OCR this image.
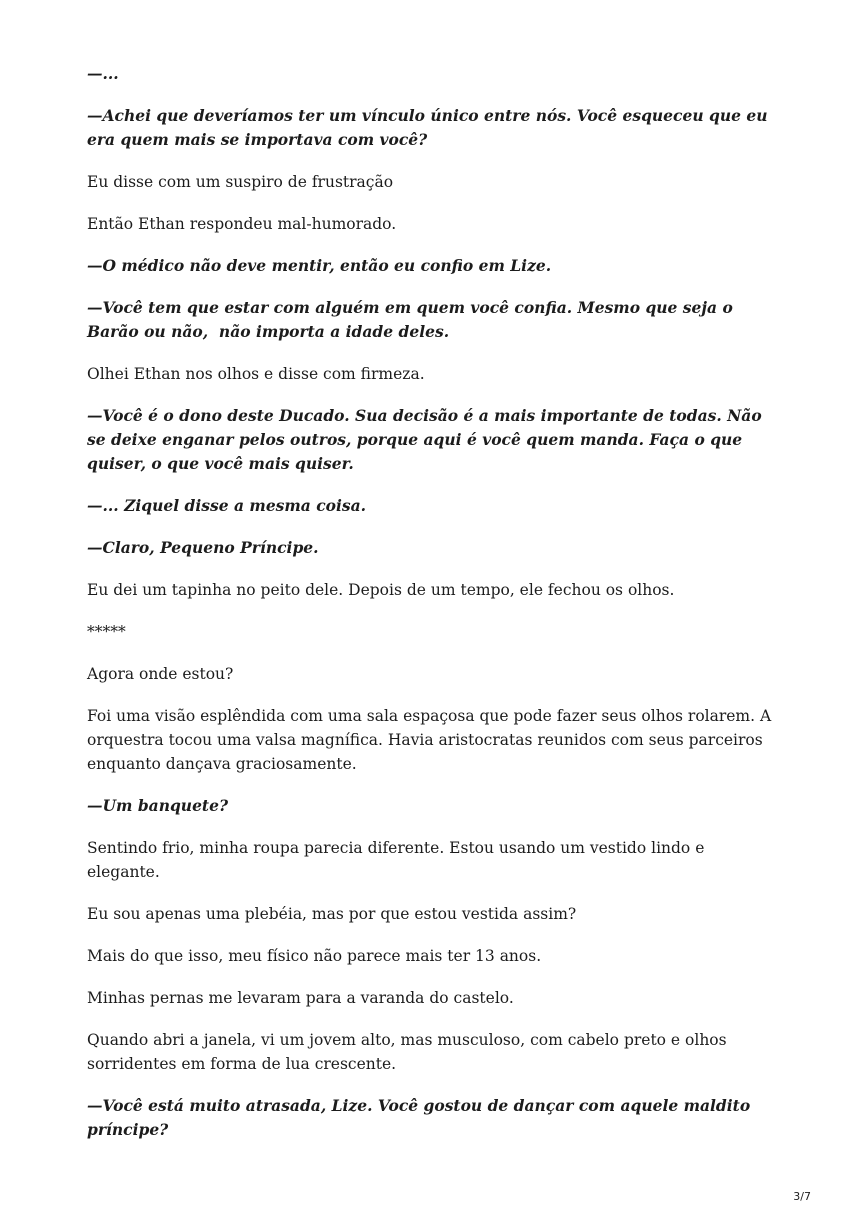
—...

—Achei que deveríamos ter um vínculo único entre nós. Você esqueceu que eu era quem mais se importava com você?

Eu disse com um suspiro de frustração

Então Ethan respondeu mal-humorado.

—O médico não deve mentir, então eu confio em Lize.

—Você tem que estar com alguém em quem você confia. Mesmo que seja o Barão ou não,  não importa a idade deles.

Olhei Ethan nos olhos e disse com firmeza.

—Você é o dono deste Ducado. Sua decisão é a mais importante de todas. Não se deixe enganar pelos outros, porque aqui é você quem manda. Faça o que quiser, o que você mais quiser.

—... Ziquel disse a mesma coisa.

—Claro, Pequeno Príncipe.

Eu dei um tapinha no peito dele. Depois de um tempo, ele fechou os olhos.

*****

Agora onde estou?

Foi uma visão esplêndida com uma sala espaçosa que pode fazer seus olhos rolarem. A orquestra tocou uma valsa magnífica. Havia aristocratas reunidos com seus parceiros enquanto dançava graciosamente.

—Um banquete?

Sentindo frio, minha roupa parecia diferente. Estou usando um vestido lindo e elegante.

Eu sou apenas uma plebéia, mas por que estou vestida assim?

Mais do que isso, meu físico não parece mais ter 13 anos.

Minhas pernas me levaram para a varanda do castelo.

Quando abri a janela, vi um jovem alto, mas musculoso, com cabelo preto e olhos sorridentes em forma de lua crescente.

—Você está muito atrasada, Lize. Você gostou de dançar com aquele maldito príncipe?

3/7
